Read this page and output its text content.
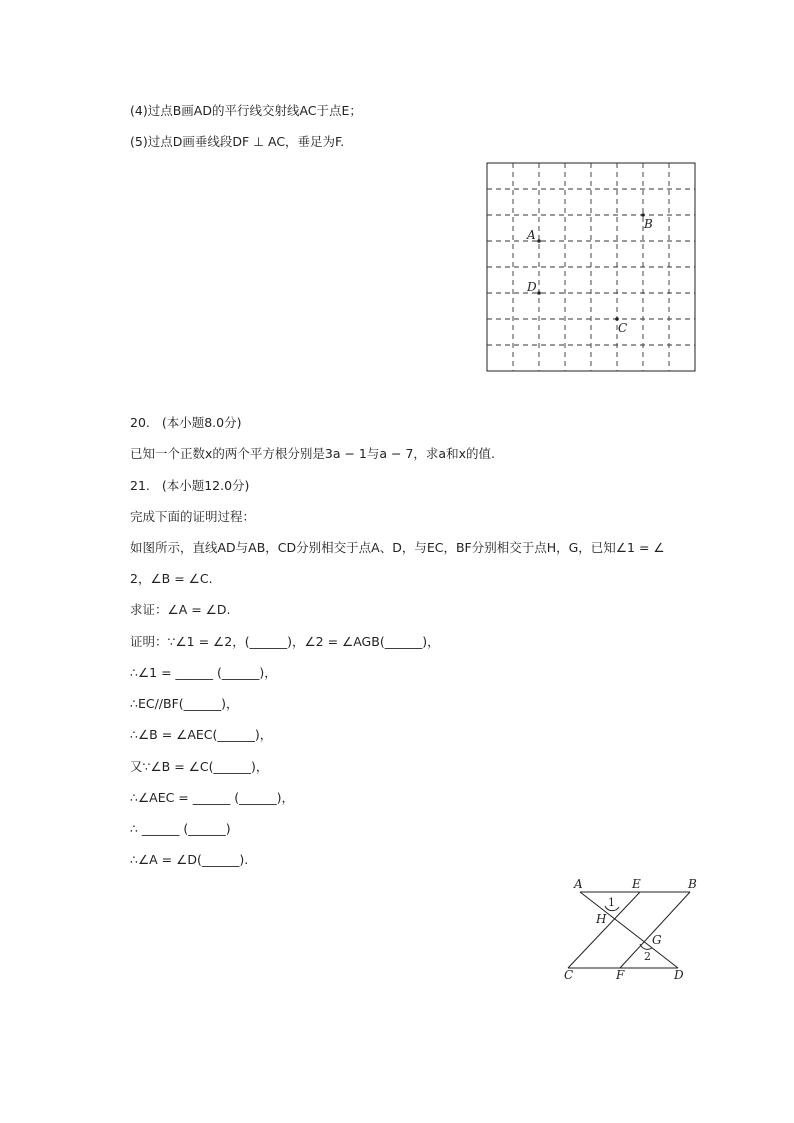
(4)过点B画AD的平行线交射线AC于点E；
(5)过点D画垂线段DF ⊥ AC，垂足为F.
A
B
D
C
20. (本小题8.0分)
已知一个正数x的两个平方根分别是3a − 1与a − 7，求a和x的值.
21. (本小题12.0分)
完成下面的证明过程：
如图所示，直线AD与AB，CD分别相交于点A、D，与EC，BF分别相交于点H，G，已知∠1 = ∠
2，∠B = ∠C.
求证：∠A = ∠D.
证明：∵∠1 = ∠2，(______)，∠2 = ∠AGB(______)，
∴∠1 = ______ (______)，
∴EC//BF(______)，
∴∠B = ∠AEC(______)，
又∵∠B = ∠C(______)，
∴∠AEC = ______ (______)，
∴ ______ (______)
∴∠A = ∠D(______).
A	E	B
H
G
C	F	D
1
2
